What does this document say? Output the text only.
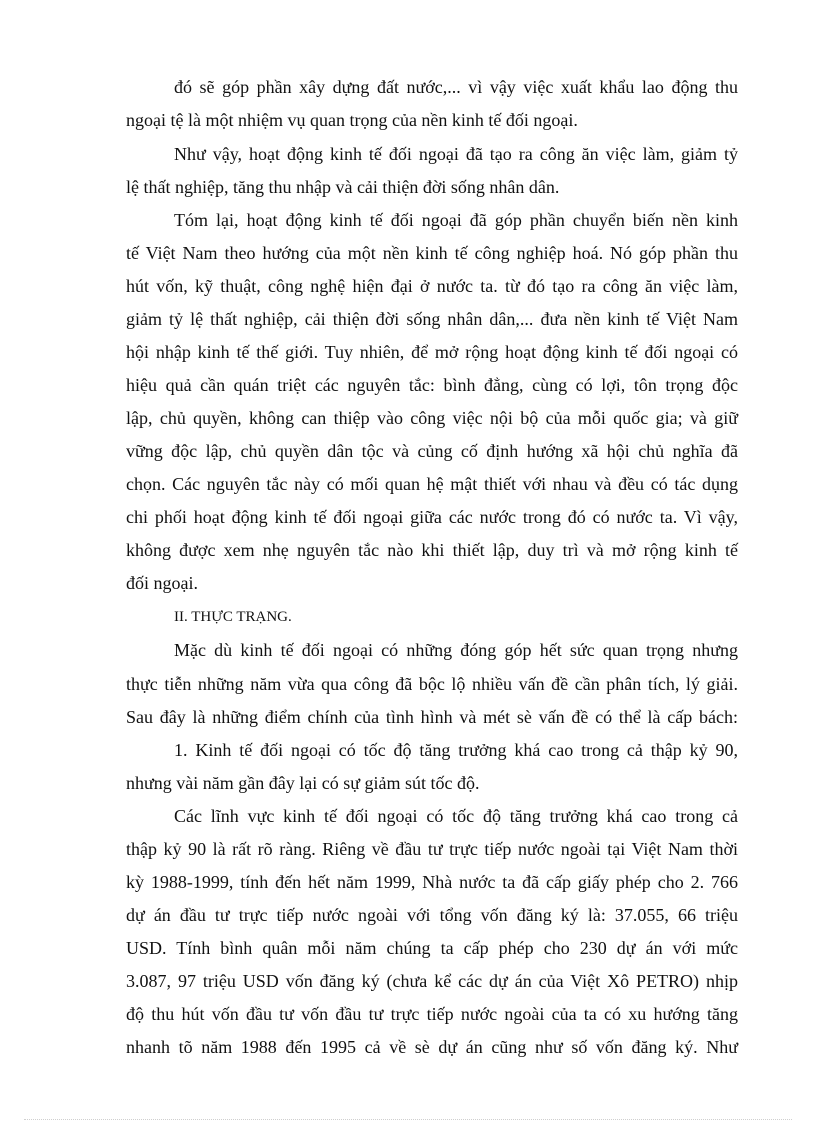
đó sẽ góp phần xây dựng đất nước,... vì vậy việc xuất khẩu lao động thu
ngoại tệ là một nhiệm vụ quan trọng của nền kinh tế đối ngoại.
Như vậy, hoạt động kinh tế đối ngoại đã tạo ra công ăn việc làm, giảm tỷ
lệ thất nghiệp, tăng thu nhập và cải thiện đời sống nhân dân.
Tóm lại, hoạt động kinh tế đối ngoại đã góp phần chuyển biến nền kinh
tế Việt Nam theo hướng của một nền kinh tế công nghiệp hoá. Nó góp phần thu
hút vốn, kỹ thuật, công nghệ hiện đại ở nước ta. từ đó tạo ra công ăn việc làm,
giảm tỷ lệ thất nghiệp, cải thiện đời sống nhân dân,... đưa nền kinh tế Việt Nam
hội nhập kinh tế thế giới. Tuy nhiên, để mở rộng hoạt động kinh tế đối ngoại có
hiệu quả cần quán triệt các nguyên tắc: bình đẳng, cùng có lợi, tôn trọng độc
lập, chủ quyền, không can thiệp vào công việc nội bộ của mỗi quốc gia; và giữ
vững độc lập, chủ quyền dân tộc và củng cố định hướng xã hội chủ nghĩa đã
chọn. Các nguyên tắc này có mối quan hệ mật thiết với nhau và đều có tác dụng
chi phối hoạt động kinh tế đối ngoại giữa các nước trong đó có nước ta. Vì vậy,
không được xem nhẹ nguyên tắc nào khi thiết lập, duy trì và mở rộng kinh tế
đối ngoại.
II. THỰC TRẠNG.
Mặc dù kinh tế đối ngoại có những đóng góp hết sức quan trọng nhưng
thực tiễn những năm vừa qua công đã bộc lộ nhiều vấn đề cần phân tích, lý giải.
Sau đây là những điểm chính của tình hình và mét sè vấn đề có thể là cấp bách:
1. Kinh tế đối ngoại có tốc độ tăng trưởng khá cao trong cả thập kỷ 90,
nhưng vài năm gần đây lại có sự giảm sút tốc độ.
Các lĩnh vực kinh tế đối ngoại có tốc độ tăng trưởng khá cao trong cả
thập kỷ 90 là rất rõ ràng. Riêng về đầu tư trực tiếp nước ngoài tại Việt Nam thời
kỳ 1988-1999, tính đến hết năm 1999, Nhà nước ta đã cấp giấy phép cho 2. 766
dự án đầu tư trực tiếp nước ngoài với tổng vốn đăng ký là: 37.055, 66 triệu
USD. Tính bình quân mỗi năm chúng ta cấp phép cho 230 dự án với mức
3.087, 97 triệu USD vốn đăng ký (chưa kể các dự án của Việt Xô PETRO) nhịp
độ thu hút vốn đầu tư vốn đầu tư trực tiếp nước ngoài của ta có xu hướng tăng
nhanh tõ năm 1988 đến 1995 cả về sè dự án cũng như số vốn đăng ký. Như
